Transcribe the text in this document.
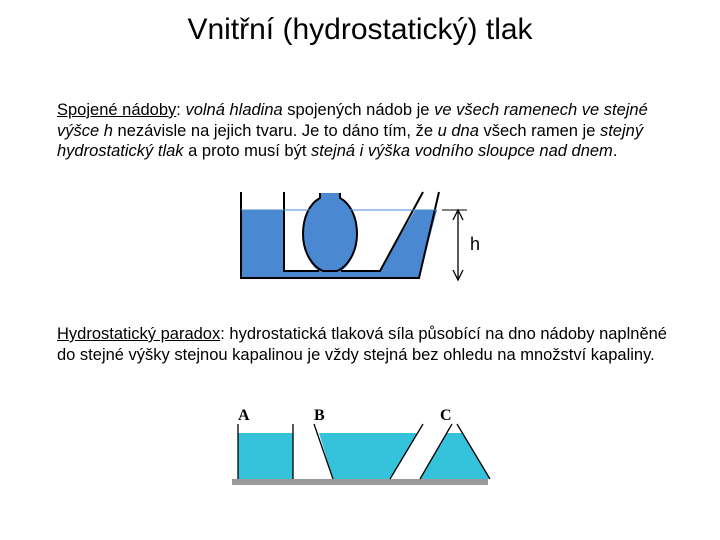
Vnitřní (hydrostatický) tlak
Spojené nádoby: volná hladina spojených nádob je ve všech ramenech ve stejné výšce h nezávisle na jejich tvaru. Je to dáno tím, že u dna všech ramen je stejný hydrostatický tlak a proto musí být stejná i výška vodního sloupce nad dnem.
h
Hydrostatický paradox: hydrostatická tlaková síla působící na dno nádoby naplněné do stejné výšky stejnou kapalinou je vždy stejná bez ohledu na množství kapaliny.
A	B	C
